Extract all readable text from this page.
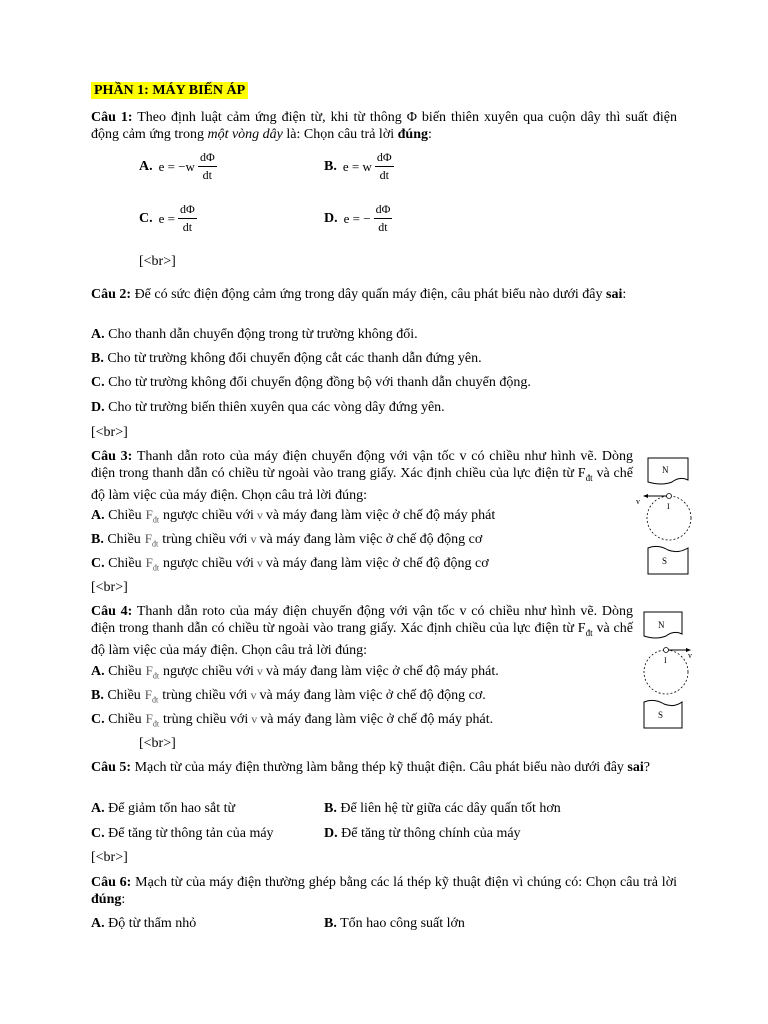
PHẦN 1: MÁY BIẾN ÁP
Câu 1: Theo định luật cảm ứng điện từ, khi từ thông Φ biến thiên xuyên qua cuộn dây thì suất điện động cảm ứng trong một vòng dây là: Chọn câu trả lời đúng:
A. $e = -w \frac{d\Phi}{dt}$	B. e = w $\frac{d\Phi}{dt}$
C. $e = \frac{d\Phi}{dt}$	D. e = − $\frac{d\Phi}{dt}$
[<br>]
Câu 2: Để có sức điện động cảm ứng trong dây quấn máy điện, câu phát biểu nào dưới đây sai:
A. Cho thanh dẫn chuyển động trong từ trường không đổi.
B. Cho từ trường không đổi chuyển động cắt các thanh dẫn đứng yên.
C. Cho từ trường không đổi chuyển động đồng bộ với thanh dẫn chuyển động.
D. Cho từ trường biến thiên xuyên qua các vòng dây đứng yên.
[<br>]
Câu 3: Thanh dẫn roto của máy điện chuyển động với vận tốc v có chiều như hình vẽ. Dòng điện trong thanh dẫn có chiều từ ngoài vào trang giấy. Xác định chiều của lực điện từ $F_{đt}$ và chế độ làm việc của máy điện. Chọn câu trả lời đúng:
A. Chiều $F_{đt}$ ngược chiều với v và máy đang làm việc ở chế độ máy phát
B. Chiều $F_{đt}$ trùng chiều với v và máy đang làm việc ở chế độ động cơ
C. Chiều $F_{đt}$ ngược chiều với v và máy đang làm việc ở chế độ động cơ
[<br>]
N
v
I
S
Câu 4: Thanh dẫn roto của máy điện chuyển động với vận tốc v có chiều như hình vẽ. Dòng điện trong thanh dẫn có chiều từ ngoài vào trang giấy. Xác định chiều của lực điện từ $F_{đt}$ và chế độ làm việc của máy điện. Chọn câu trả lời đúng:
A. Chiều $F_{đt}$ ngược chiều với v và máy đang làm việc ở chế độ máy phát.
B. Chiều $F_{đt}$ trùng chiều với v và máy đang làm việc ở chế độ động cơ.
C. Chiều $F_{đt}$ trùng chiều với v và máy đang làm việc ở chế độ máy phát.
[<br>]
N
v
I
S
Câu 5: Mạch từ của máy điện thường làm bằng thép kỹ thuật điện. Câu phát biểu nào dưới đây sai?
A. Để giảm tổn hao sắt từ	B. Để liên hệ từ giữa các dây quấn tốt hơn
C. Để tăng từ thông tản của máy	D. Để tăng từ thông chính của máy
[<br>]
Câu 6: Mạch từ của máy điện thường ghép bằng các lá thép kỹ thuật điện vì chúng có: Chọn câu trả lời đúng:
A. Độ từ thẩm nhỏ	B. Tổn hao công suất lớn
